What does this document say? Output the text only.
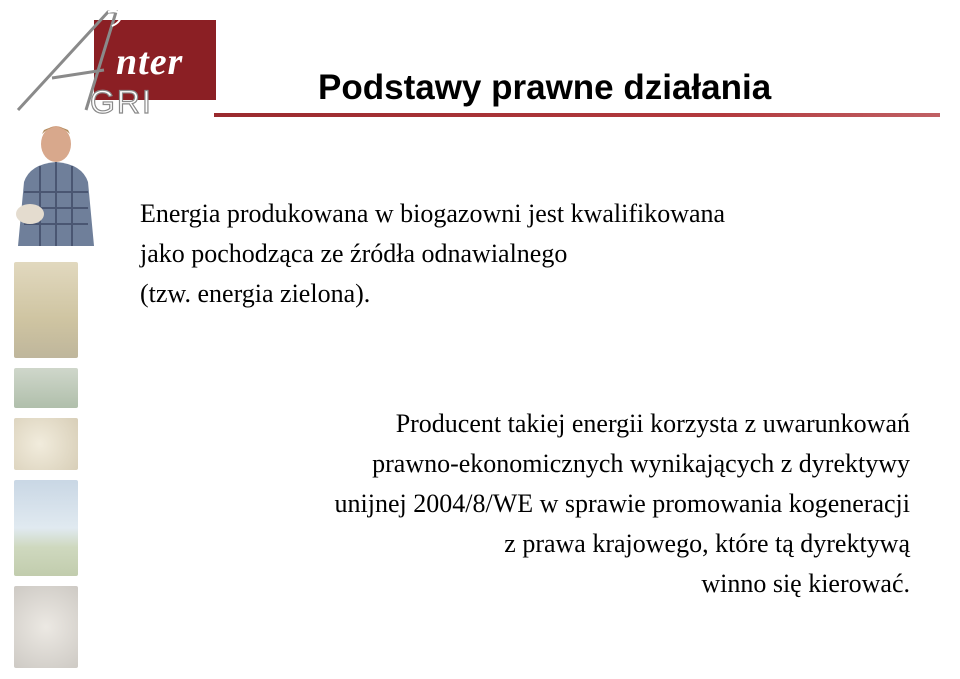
nter
GRI	Podstawy prawne działania
Energia produkowana w biogazowni jest kwalifikowana
jako pochodząca ze źródła odnawialnego
(tzw. energia zielona).
Producent takiej energii korzysta z uwarunkowań
prawno-ekonomicznych wynikających z dyrektywy
unijnej 2004/8/WE w sprawie promowania kogeneracji
z prawa krajowego, które tą dyrektywą
winno się kierować.
